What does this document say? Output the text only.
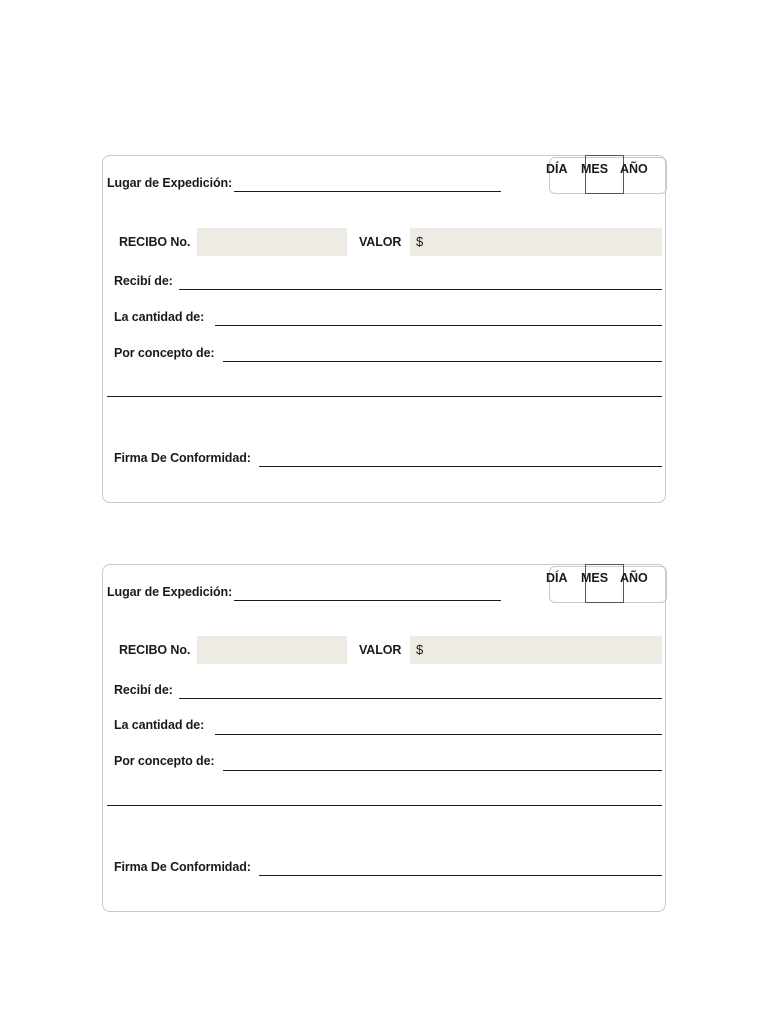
DÍA MES AÑO
Lugar de Expedición:
RECIBO No.	VALOR $
Recibí de:
La cantidad de:
Por concepto de:
Firma De Conformidad:
DÍA MES AÑO
Lugar de Expedición:
RECIBO No.	VALOR $
Recibí de:
La cantidad de:
Por concepto de:
Firma De Conformidad:
